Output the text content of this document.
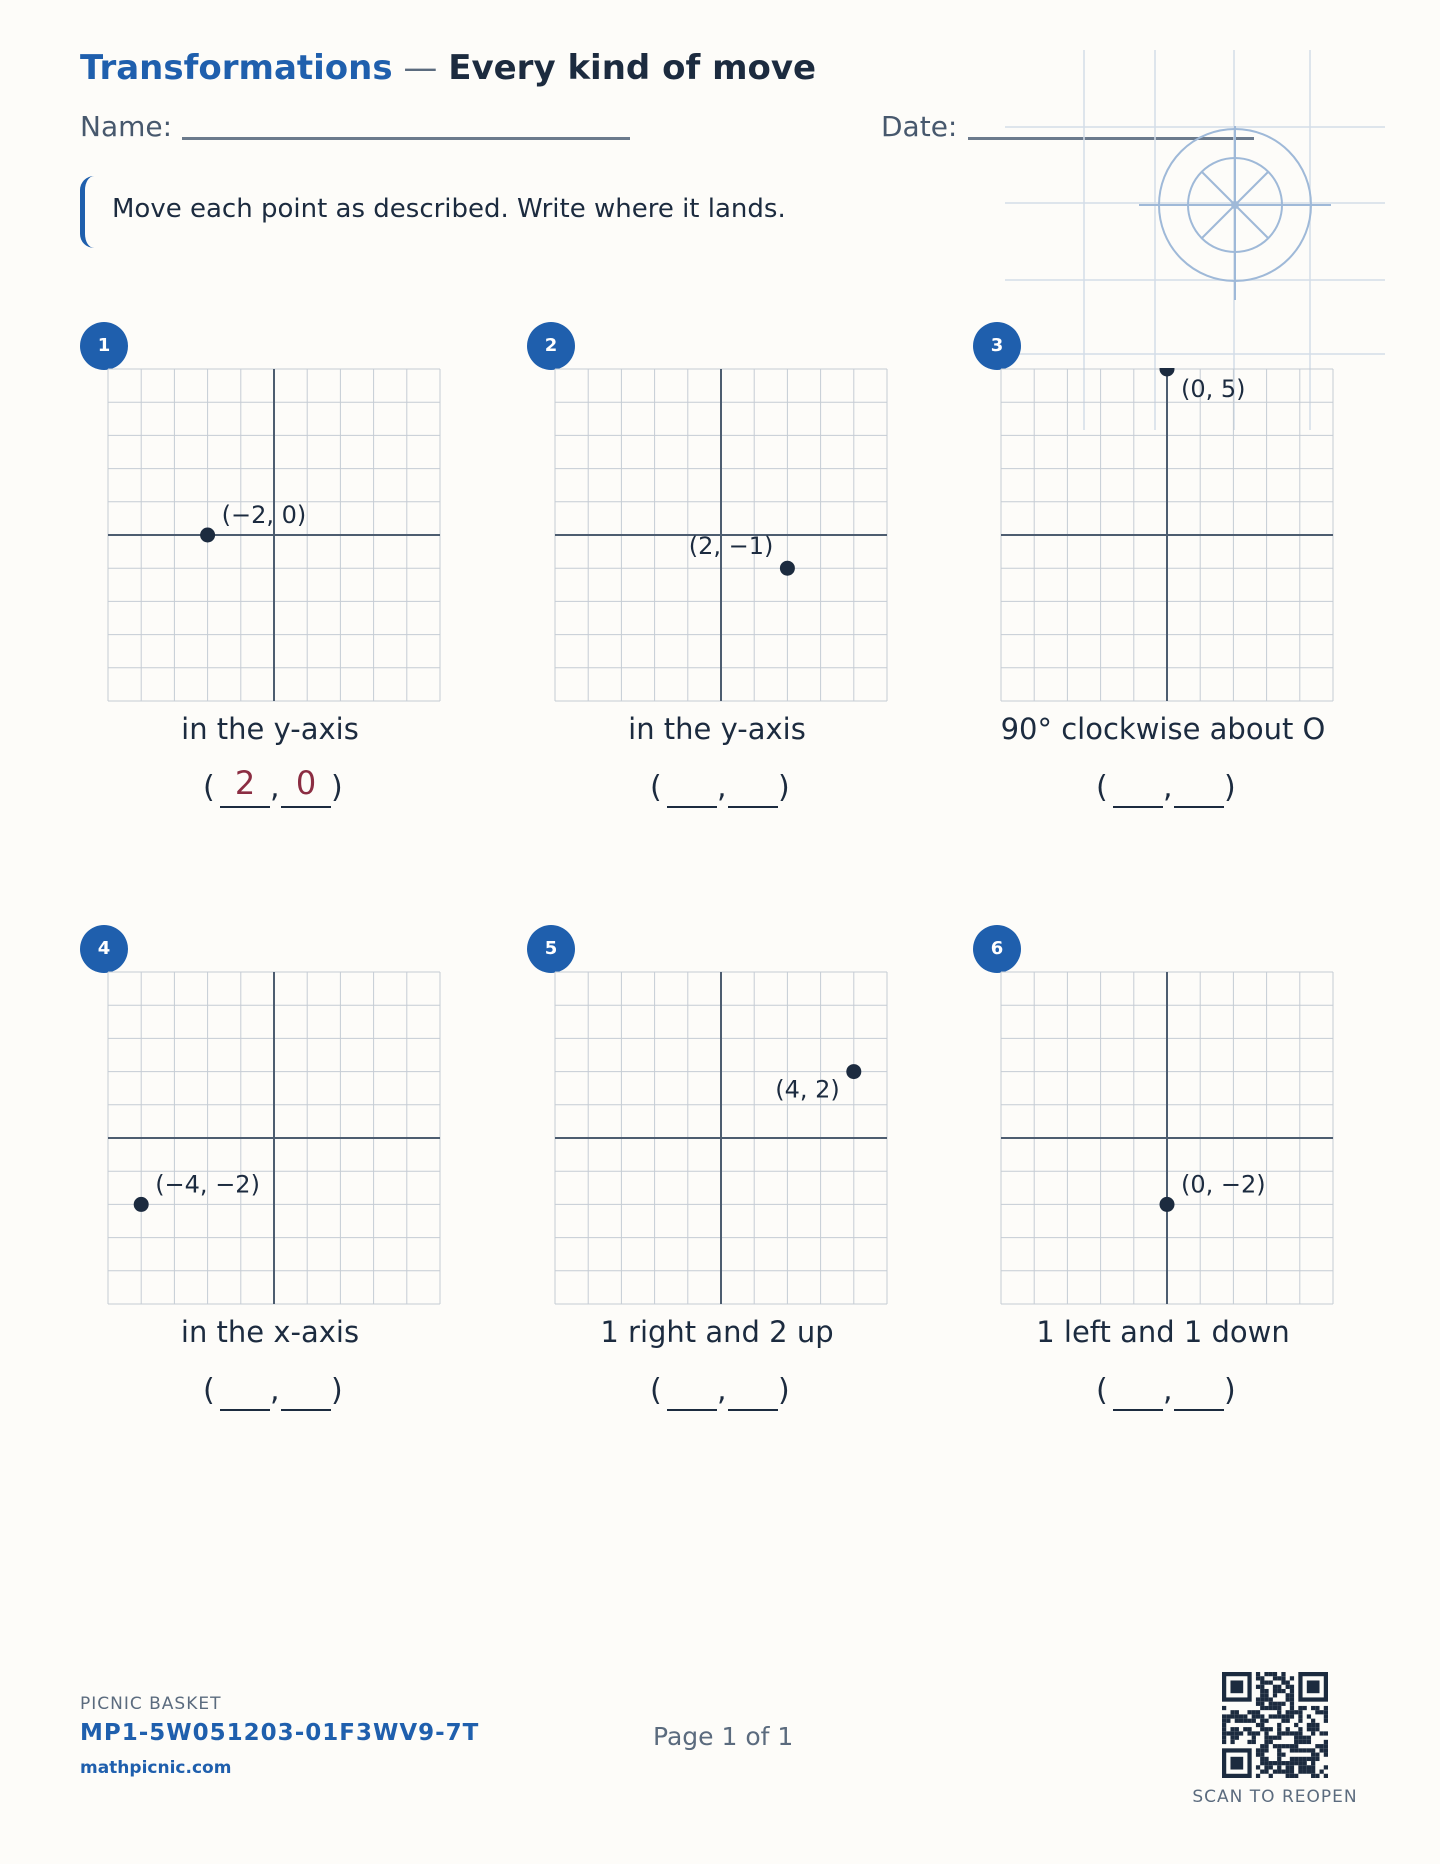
Transformations — Every kind of move
Name:	Date:
Move each point as described. Write where it lands.
1
(−2, 0)
in the y-axis
( 2 , 0 )
2
(2, −1)
in the y-axis
( , )
3
(0, 5)
90° clockwise about O
( , )
4
(−4, −2)
in the x-axis
( , )
5
(4, 2)
1 right and 2 up
( , )
6
(0, −2)
1 left and 1 down
( , )
PICNIC BASKET
MP1-5W051203-01F3WV9-7T
mathpicnic.com
Page 1 of 1
SCAN TO REOPEN
